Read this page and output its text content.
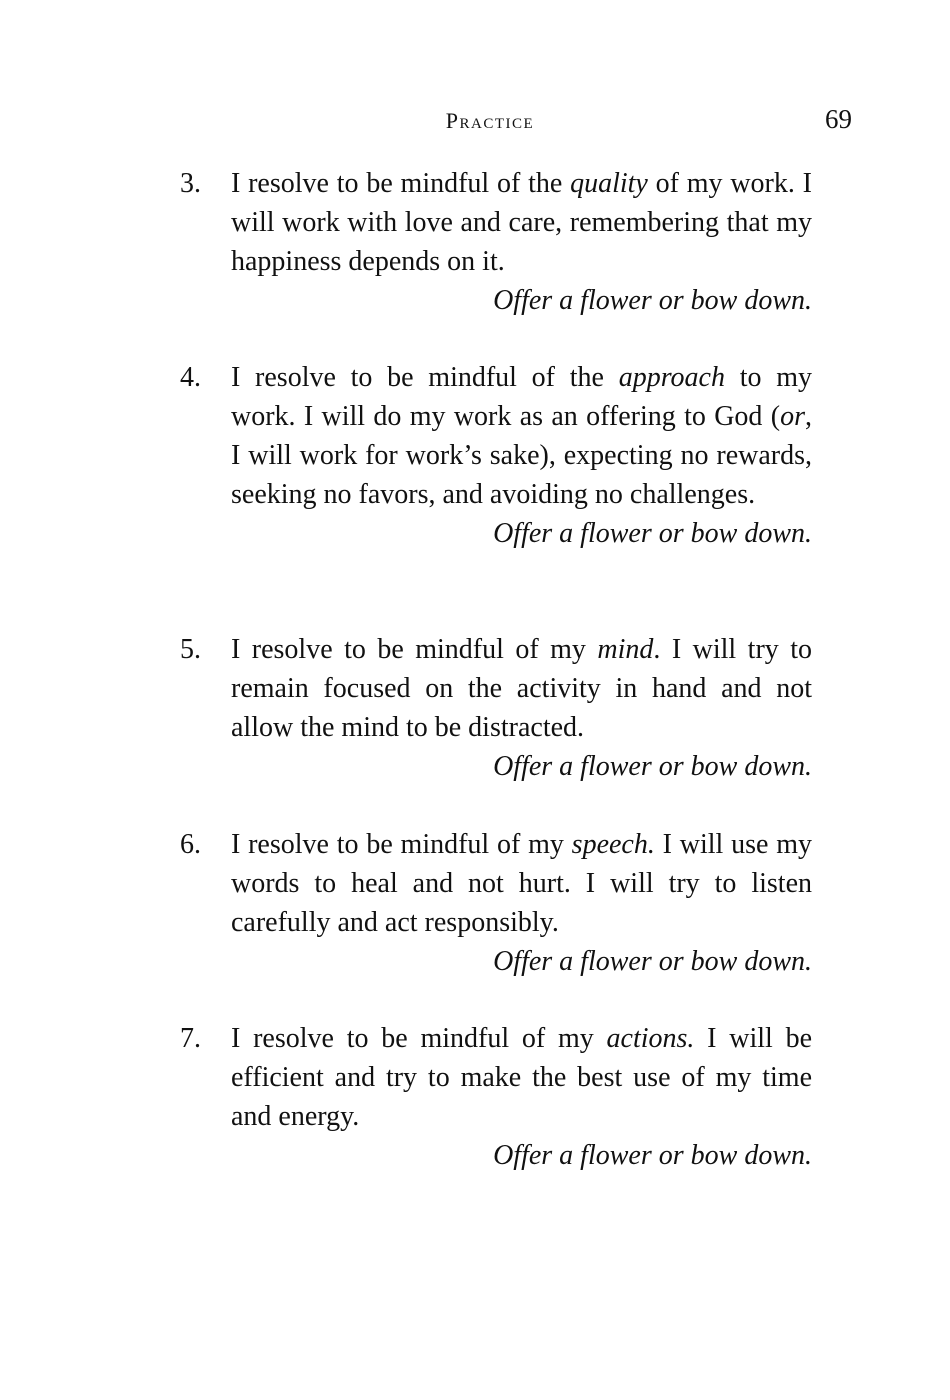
Practice	69
3.	I resolve to be mindful of the quality of my work. I will work with love and care, remembering that my happiness depends on it.
Offer a flower or bow down.
4.	I resolve to be mindful of the approach to my work. I will do my work as an offering to God (or, I will work for work’s sake), expecting no rewards, seeking no favors, and avoiding no challenges.
Offer a flower or bow down.
5.	I resolve to be mindful of my mind. I will try to remain focused on the activity in hand and not allow the mind to be distracted.
Offer a flower or bow down.
6.	I resolve to be mindful of my speech. I will use my words to heal and not hurt. I will try to listen carefully and act responsibly.
Offer a flower or bow down.
7.	I resolve to be mindful of my actions. I will be efficient and try to make the best use of my time and energy.
Offer a flower or bow down.
